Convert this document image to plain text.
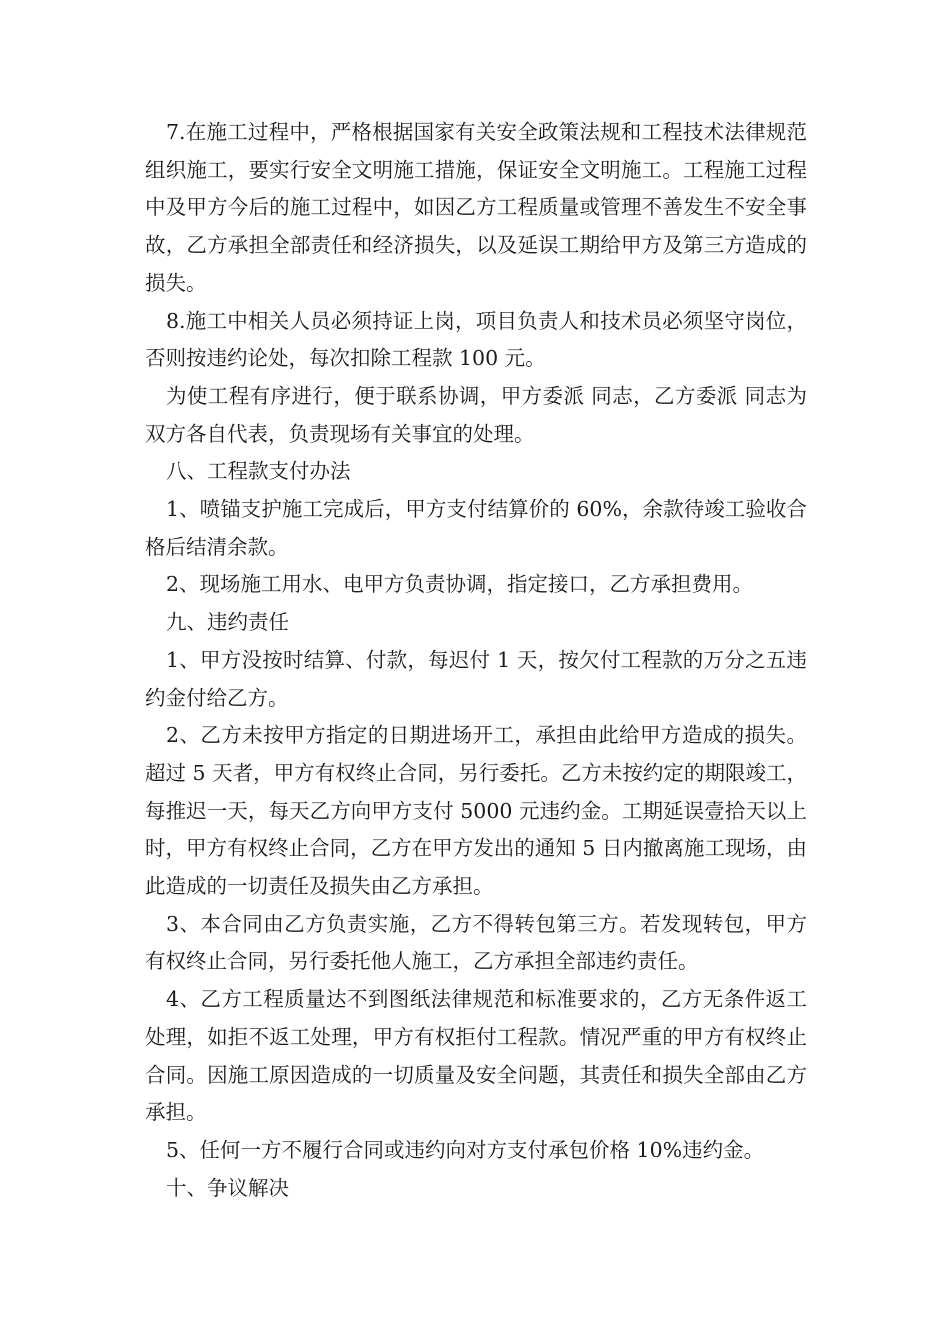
7.在施工过程中，严格根据国家有关安全政策法规和工程技术法律规范组织施工，要实行安全文明施工措施，保证安全文明施工。工程施工过程中及甲方今后的施工过程中，如因乙方工程质量或管理不善发生不安全事故，乙方承担全部责任和经济损失，以及延误工期给甲方及第三方造成的损失。

8.施工中相关人员必须持证上岗，项目负责人和技术员必须坚守岗位，否则按违约论处，每次扣除工程款 100 元。

为使工程有序进行，便于联系协调，甲方委派 同志，乙方委派 同志为双方各自代表，负责现场有关事宜的处理。

八、工程款支付办法

1、喷锚支护施工完成后，甲方支付结算价的 60%，余款待竣工验收合格后结清余款。

2、现场施工用水、电甲方负责协调，指定接口，乙方承担费用。

九、违约责任

1、甲方没按时结算、付款，每迟付 1 天，按欠付工程款的万分之五违约金付给乙方。

2、乙方未按甲方指定的日期进场开工，承担由此给甲方造成的损失。超过 5 天者，甲方有权终止合同，另行委托。乙方未按约定的期限竣工，每推迟一天，每天乙方向甲方支付 5000 元违约金。工期延误壹拾天以上时，甲方有权终止合同，乙方在甲方发出的通知 5 日内撤离施工现场，由此造成的一切责任及损失由乙方承担。

3、本合同由乙方负责实施，乙方不得转包第三方。若发现转包，甲方有权终止合同，另行委托他人施工，乙方承担全部违约责任。

4、乙方工程质量达不到图纸法律规范和标准要求的，乙方无条件返工处理，如拒不返工处理，甲方有权拒付工程款。情况严重的甲方有权终止合同。因施工原因造成的一切质量及安全问题，其责任和损失全部由乙方承担。

5、任何一方不履行合同或违约向对方支付承包价格 10%违约金。

十、争议解决
